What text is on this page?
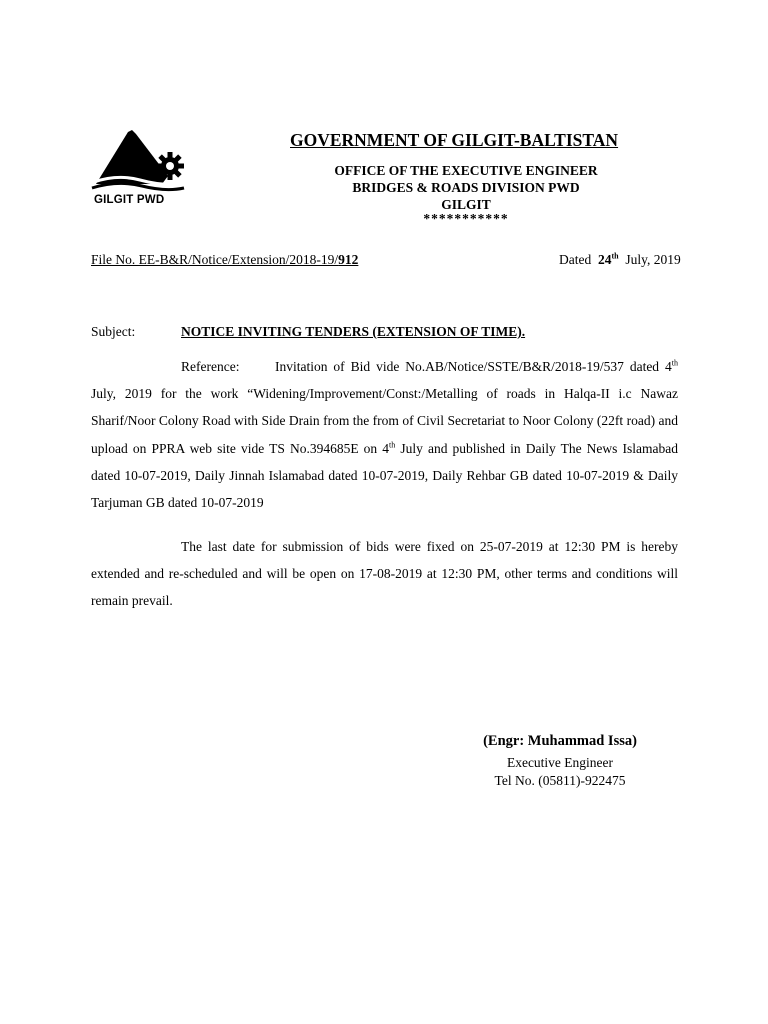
GILGIT PWD
GOVERNMENT OF GILGIT-BALTISTAN
OFFICE OF THE EXECUTIVE ENGINEER
BRIDGES & ROADS DIVISION PWD
GILGIT
***********
File No. EE-B&R/Notice/Extension/2018-19/912	Dated 24th July, 2019
Subject:	NOTICE INVITING TENDERS (EXTENSION OF TIME).

Reference:	Invitation of Bid vide No.AB/Notice/SSTE/B&R/2018-19/537 dated 4th July, 2019 for the work “Widening/Improvement/Const:/Metalling of roads in Halqa-II i.c Nawaz Sharif/Noor Colony Road with Side Drain from the from of Civil Secretariat to Noor Colony (22ft road) and upload on PPRA web site vide TS No.394685E on 4th July and published in Daily The News Islamabad dated 10-07-2019, Daily Jinnah Islamabad dated 10-07-2019, Daily Rehbar GB dated 10-07-2019 & Daily Tarjuman GB dated 10-07-2019

The last date for submission of bids were fixed on 25-07-2019 at 12:30 PM is hereby extended and re-scheduled and will be open on 17-08-2019 at 12:30 PM, other terms and conditions will remain prevail.

(Engr: Muhammad Issa)
Executive Engineer
Tel No. (05811)-922475
